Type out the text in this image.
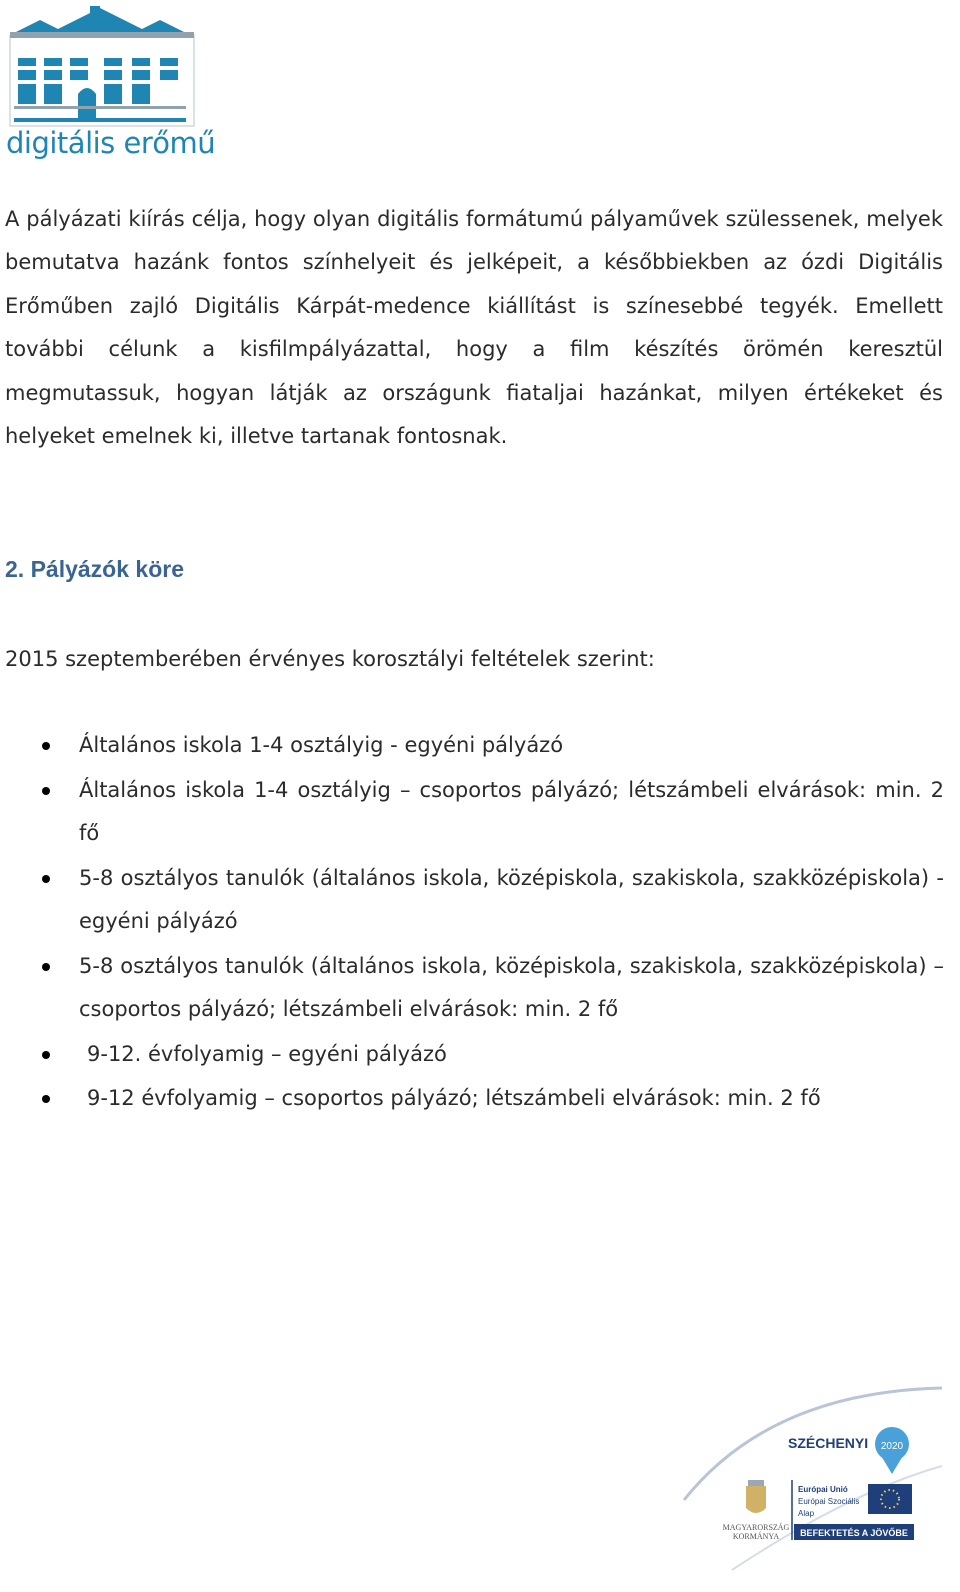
digitális erőmű

A pályázati kiírás célja, hogy olyan digitális formátumú pályaművek szülessenek, melyek bemutatva hazánk fontos színhelyeit és jelképeit, a későbbiekben az ózdi Digitális Erőműben zajló Digitális Kárpát-medence kiállítást is színesebbé tegyék. Emellett további célunk a kisfilmpályázattal, hogy a film készítés örömén keresztül megmutassuk, hogyan látják az országunk fiataljai hazánkat, milyen értékeket és helyeket emelnek ki, illetve tartanak fontosnak.

2. Pályázók köre

2015 szeptemberében érvényes korosztályi feltételek szerint:

Általános iskola 1-4 osztályig - egyéni pályázó
Általános iskola 1-4 osztályig – csoportos pályázó; létszámbeli elvárások: min. 2 fő
5-8 osztályos tanulók (általános iskola, középiskola, szakiskola, szakközépiskola) - egyéni pályázó
5-8 osztályos tanulók (általános iskola, középiskola, szakiskola, szakközépiskola) – csoportos pályázó; létszámbeli elvárások: min. 2 fő
9-12. évfolyamig – egyéni pályázó
9-12 évfolyamig – csoportos pályázó; létszámbeli elvárások: min. 2 fő
SZÉCHENYI 2020
MAGYARORSZÁG
KORMÁNYA
Európai Unió
Európai Szociális
Alap
BEFEKTETÉS A JÖVŐBE
